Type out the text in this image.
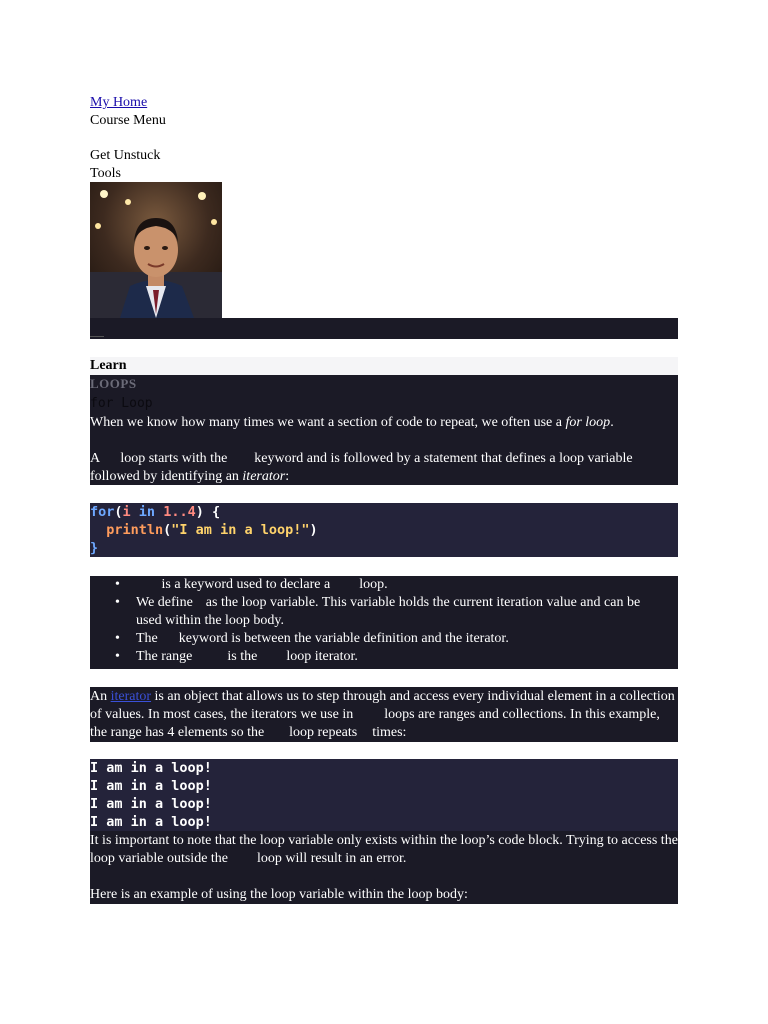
My Home
Course Menu
Get Unstuck
Tools
Learn
LOOPS
for Loop
When we know how many times we want a section of code to repeat, we often use a for loop.
A  loop starts with the  keyword and is followed by a statement that defines a loop variable followed by identifying an iterator:
for(i in 1..4) {
println("I am in a loop!")
}
•	is a keyword used to declare a  loop.
• We define  as the loop variable. This variable holds the current iteration value and can be used within the loop body.
• The  keyword is between the variable definition and the iterator.
• The range  is the  loop iterator.
An iterator is an object that allows us to step through and access every individual element in a collection of values. In most cases, the iterators we use in  loops are ranges and collections. In this example, the range has 4 elements so the  loop repeats  times:
I am in a loop!
I am in a loop!
I am in a loop!
I am in a loop!
It is important to note that the loop variable only exists within the loop’s code block. Trying to access the loop variable outside the  loop will result in an error.
Here is an example of using the loop variable within the loop body:
